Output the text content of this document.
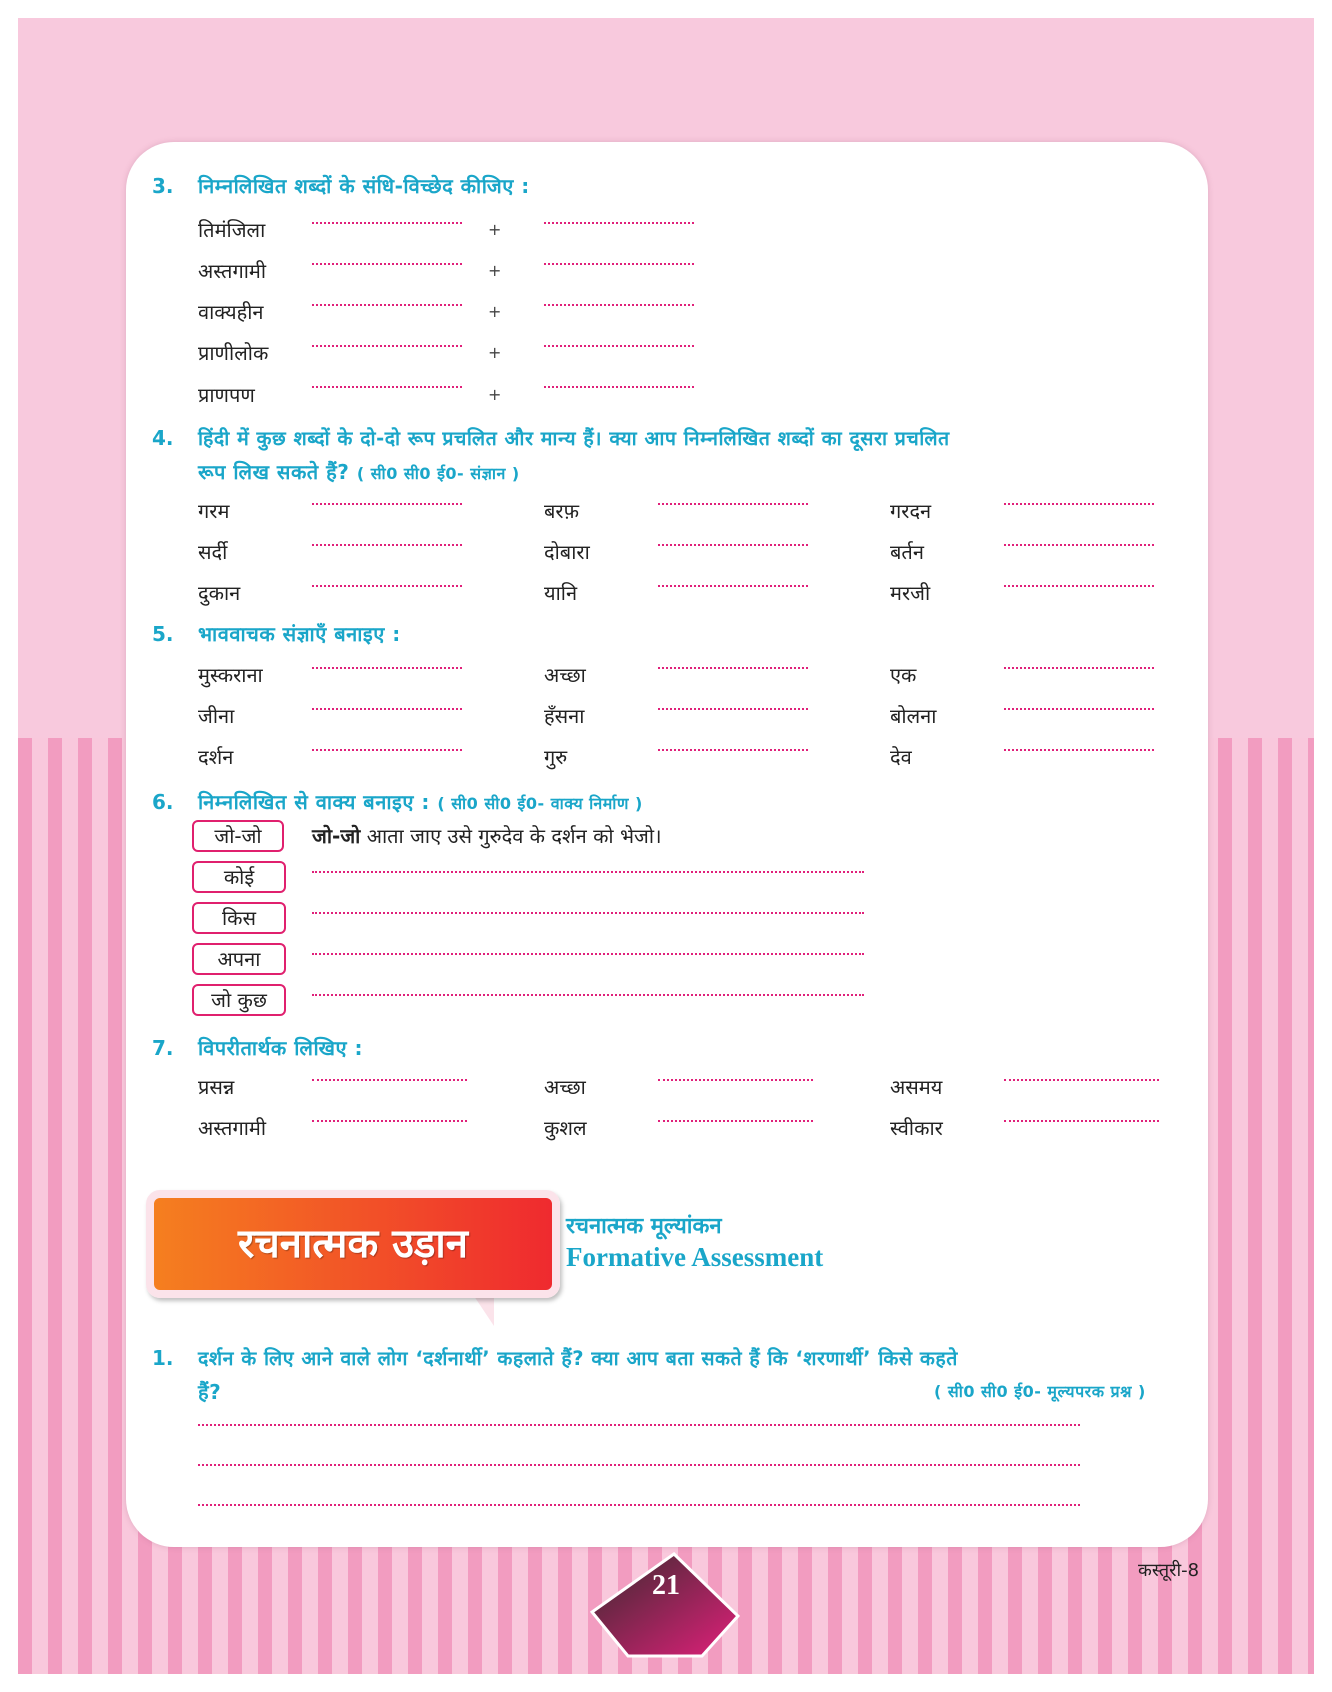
3. निम्नलिखित शब्दों के संधि-विच्छेद कीजिए :
तिमंजिला	+
अस्तगामी	+
वाक्यहीन	+
प्राणीलोक	+
प्राणपण	+
4. हिंदी में कुछ शब्दों के दो-दो रूप प्रचलित और मान्य हैं। क्या आप निम्नलिखित शब्दों का दूसरा प्रचलित
रूप लिख सकते हैं? ( सी0 सी0 ई0- संज्ञान )
गरम	बरफ़	गरदन
सर्दी	दोबारा	बर्तन
दुकान	यानि	मरजी
5. भाववाचक संज्ञाएँ बनाइए :
मुस्कराना	अच्छा	एक
जीना	हँसना	बोलना
दर्शन	गुरु	देव
6. निम्नलिखित से वाक्य बनाइए : ( सी0 सी0 ई0- वाक्य निर्माण )
जो-जो	जो-जो आता जाए उसे गुरुदेव के दर्शन को भेजो।
कोई
किस
अपना
जो कुछ
7. विपरीतार्थक लिखिए :
प्रसन्न	अच्छा	असमय
अस्तगामी	कुशल	स्वीकार
रचनात्मक उड़ान	रचनात्मक मूल्यांकन
Formative Assessment
1. दर्शन के लिए आने वाले लोग ‘दर्शनार्थी’ कहलाते हैं? क्या आप बता सकते हैं कि ‘शरणार्थी’ किसे कहते
हैं?	( सी0 सी0 ई0- मूल्यपरक प्रश्न )
21	कस्तूरी-8
